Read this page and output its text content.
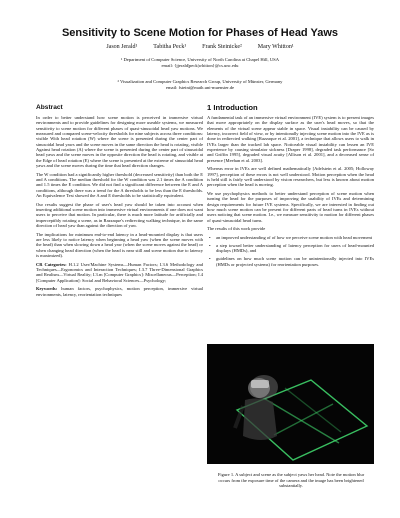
Sensitivity to Scene Motion for Phases of Head Yaws
Jason Jerald¹	Tabitha Peck¹	Frank Steinicke²	Mary Whitton¹
¹ Department of Computer Science, University of North Carolina at Chapel Hill, USA
email: {jjerald|peck|whitton}@cs.unc.edu
² Visualization and Computer Graphics Research Group, University of Münster, Germany
email: fsteini@math.uni-muenster.de
Abstract

In order to better understand how scene motion is perceived in immersive virtual environments and to provide guidelines for designing more useable systems, we measured sensitivity to scene motion for different phases of quasi-sinusoidal head yaw motions. We measured and compared scene-velocity thresholds for nine subjects across three conditions: visible With head rotation (W) where the scene is presented during the center part of sinusoidal head yaws and the scene moves in the same direction the head is rotating, visible Against head rotation (A) where the scene is presented during the center part of sinusoidal head yaws and the scene moves in the opposite direction the head is rotating, and visible at the Edge of head rotation (E) where the scene is presented at the extreme of sinusoidal head yaws and the scene moves during the time that head direction changes.

The W condition had a significantly higher threshold (decreased sensitivity) than both the E and A conditions. The median threshold for the W condition was 2.1 times the A condition and 1.5 times the E condition. We did not find a significant difference between the E and A conditions, although there was a trend for the A thresholds to be less than the E thresholds. An Equivalence Test showed the A and E thresholds to be statistically equivalent.

Our results suggest the phase of user's head yaw should be taken into account when inserting additional scene motion into immersive virtual environments if one does not want users to perceive that motion. In particular, there is much more latitude for artificially and imperceptibly rotating a scene, as in Razzaque's redirecting walking technique, in the same direction of head yaw than against the direction of yaw.

The implications for minimum end-to-end latency in a head-mounted display is that users are less likely to notice latency when beginning a head yaw (when the scene moves with the head) than when slowing down a head yaw (when the scene moves against the head) or when changing head direction (when the head is near still and scene motion due to latency is maximized).

CR Categories: H.1.2 User/Machine Systems—Human Factors; I.3.6 Methodology and Techniques—Ergonomics and Interaction Techniques; I.3.7 Three-Dimensional Graphics and Realism—Virtual Reality; I.3.m [Computer Graphics]: Miscellaneous—Perception; I.4 [Computer Application]: Social and Behavioral Sciences—Psychology;

Keywords: human factors, psychophysics, motion perception, immersive virtual environments, latency, reorientation techniques

1 Introduction

A fundamental task of an immersive virtual environment (IVE) system is to present images that move appropriately on the display surface as the user's head moves, so that the elements of the virtual scene appear stable in space. Visual instability can be caused by latency, incorrect field of view, or by intentionally injecting scene motion into the IVE as is done in redirected walking [Razzaque et al. 2001], a technique that allows users to walk in IVEs larger than the tracked lab space. Noticeable visual instability can lessen an IVE experience by causing simulator sickness [Draper 1998], degraded task performance [So and Griffin 1995], degraded visual acuity [Allison et al. 2001], and a decreased sense of presence [Meehan et al. 2003].

Whereas error in IVEs are well defined mathematically [Adelstein et al. 2005; Holloway 1997], perception of these errors is not well understood. Motion perception when the head is held still is fairly well understood by vision researchers, but less is known about motion perception when the head is moving.

We use psychophysics methods to better understand perception of scene motion when turning the head for the purposes of improving the usability of IVEs and determining design requirements for future IVE systems. Specifically, we are interested in finding out how much scene motion can be present for different parts of head turns in IVEs without users noticing that scene motion. I.e., we measure sensitivity to motion for different phases of quasi-sinusoidal head turns.

The results of this work provide

• an improved understanding of of how we perceive scene motion with head movement
• a step toward better understanding of latency perception for users of head-mounted displays (HMDs), and
• guidelines on how much scene motion can be unintentionally injected into IVEs (HMDs or projected systems) for reorientation purposes.
Figure 1. A subject and scene as the subject yaws her head. Note the motion blur occurs from the exposure time of the camera and the image has been brightened substantially.
